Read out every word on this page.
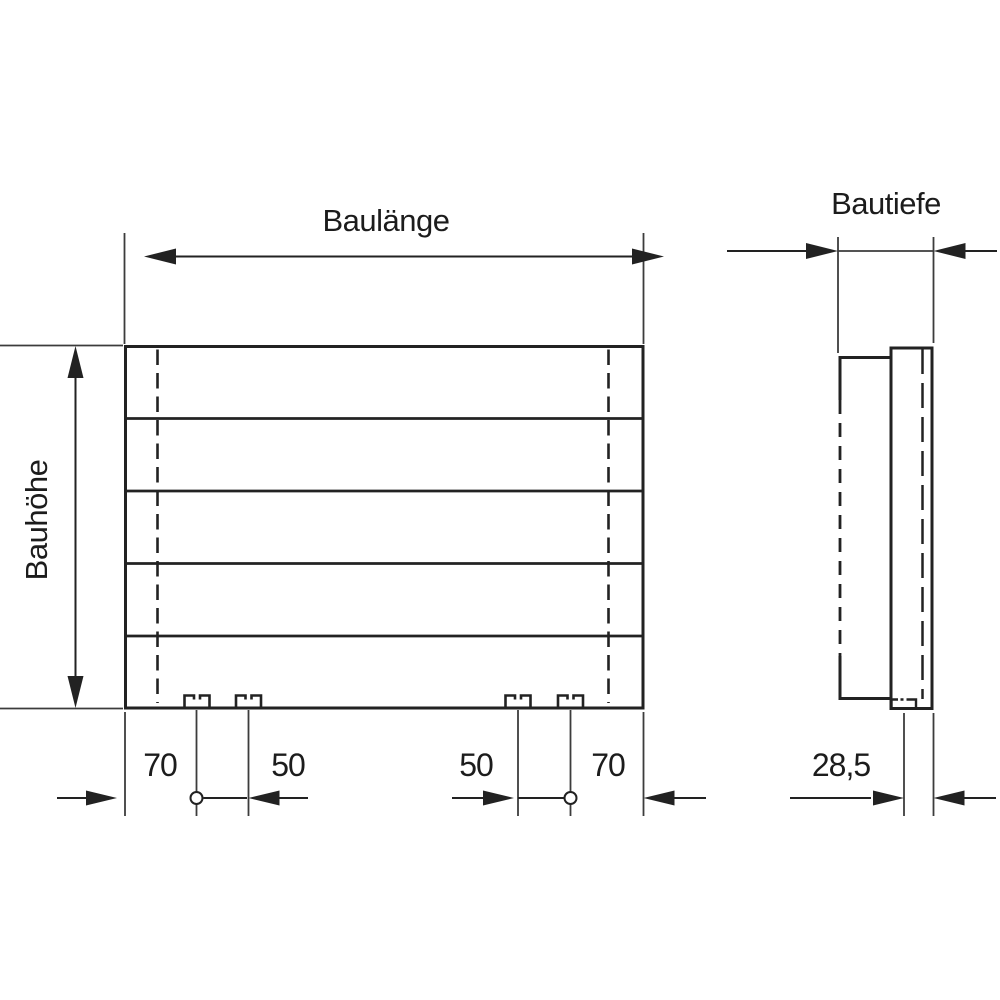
Baulänge	Bautiefe
Bauhöhe
70	50	50	70	28,5
